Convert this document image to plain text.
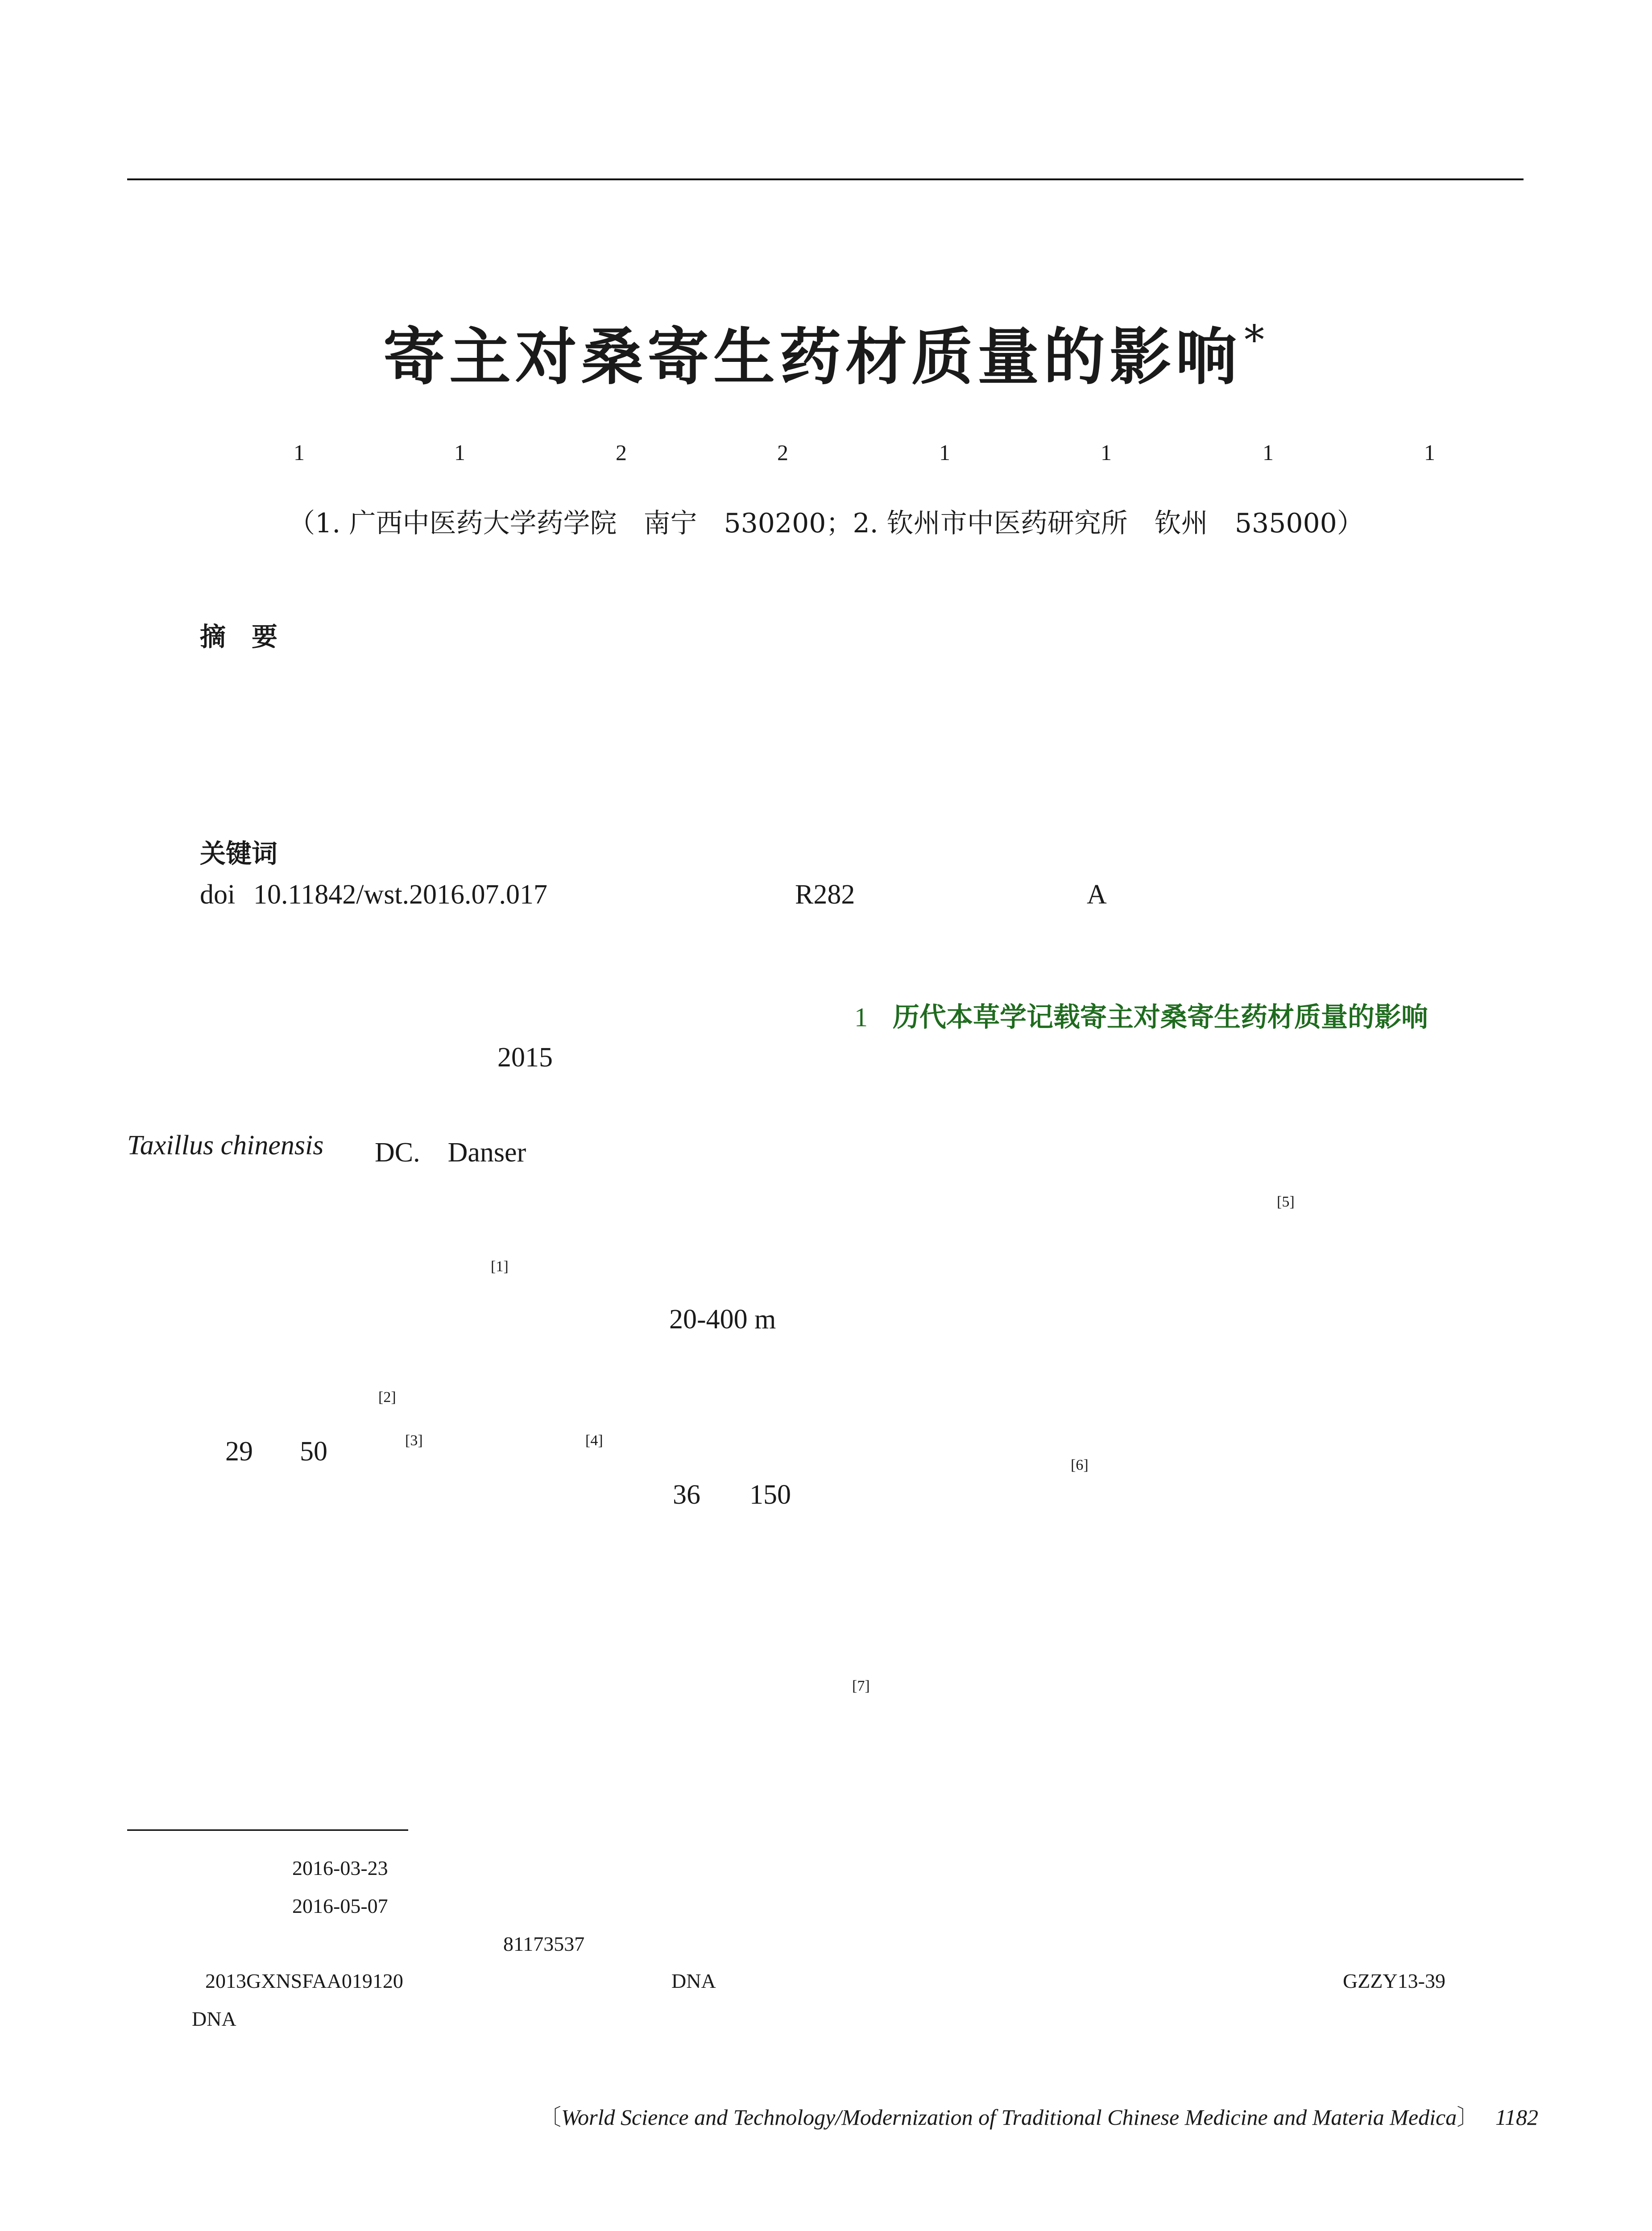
寄主对桑寄生药材质量的影响*
1	1	2	2	1	1	1	1
（1. 广西中医药大学药学院　南宁　530200；2. 钦州市中医药研究所　钦州　535000）
摘　要
关键词
doi 10.11842/wst.2016.07.017	R282	A
1 历代本草学记载寄主对桑寄生药材质量的影响
2015
Taxillus chinensis DC.　Danser
[1]
20-400 m
[2]
29 50	[3]	[4]
36 150
[5]
[6]
[7]
2016-03-23
2016-05-07
81173537
2013GXNSFAA019120	DNA	GZZY13-39
DNA
〔World Science and Technology/Modernization of Traditional Chinese Medicine and Materia Medica〕 1182
